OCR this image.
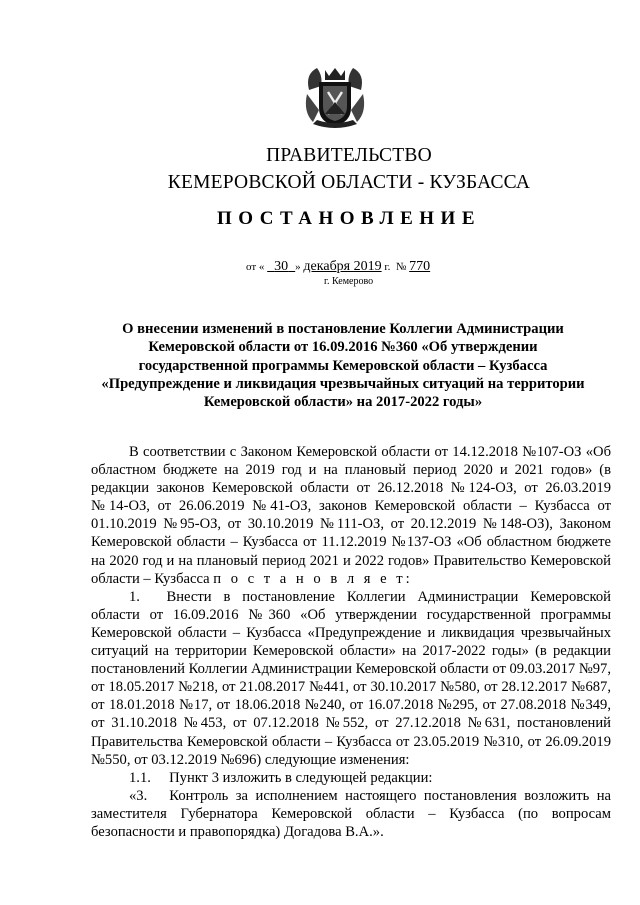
ПРАВИТЕЛЬСТВО
КЕМЕРОВСКОЙ ОБЛАСТИ - КУЗБАССА
ПОСТАНОВЛЕНИЕ
от « 30 » декабря 2019 г. № 770
г. Кемерово
О внесении изменений в постановление Коллегии Администрации Кемеровской области от 16.09.2016 №360 «Об утверждении государственной программы Кемеровской области – Кузбасса «Предупреждение и ликвидация чрезвычайных ситуаций на территории Кемеровской области» на 2017-2022 годы»

В соответствии с Законом Кемеровской области от 14.12.2018 №107-ОЗ «Об областном бюджете на 2019 год и на плановый период 2020 и 2021 годов» (в редакции законов Кемеровской области от 26.12.2018 №124-ОЗ, от 26.03.2019 №14-ОЗ, от 26.06.2019 №41-ОЗ, законов Кемеровской области – Кузбасса от 01.10.2019 №95-ОЗ, от 30.10.2019 №111-ОЗ, от 20.12.2019 №148-ОЗ), Законом Кемеровской области – Кузбасса от 11.12.2019 №137-ОЗ «Об областном бюджете на 2020 год и на плановый период 2021 и 2022 годов» Правительство Кемеровской области – Кузбасса п о с т а н о в л я е т:

1.  Внести в постановление Коллегии Администрации Кемеровской области от 16.09.2016 №360 «Об утверждении государственной программы Кемеровской области – Кузбасса «Предупреждение и ликвидация чрезвычайных ситуаций на территории Кемеровской области» на 2017-2022 годы» (в редакции постановлений Коллегии Администрации Кемеровской области от 09.03.2017 №97, от 18.05.2017 №218, от 21.08.2017 №441, от 30.10.2017 №580, от 28.12.2017 №687, от 18.01.2018 №17, от 18.06.2018 №240, от 16.07.2018 №295, от 27.08.2018 №349, от 31.10.2018 №453, от 07.12.2018 №552, от 27.12.2018 №631, постановлений Правительства Кемеровской области – Кузбасса от 23.05.2019 №310, от 26.09.2019 №550, от 03.12.2019 №696) следующие изменения:

1.1.  Пункт 3 изложить в следующей редакции:

«3.  Контроль за исполнением настоящего постановления возложить на заместителя Губернатора Кемеровской области – Кузбасса (по вопросам безопасности и правопорядка) Догадова В.А.».
